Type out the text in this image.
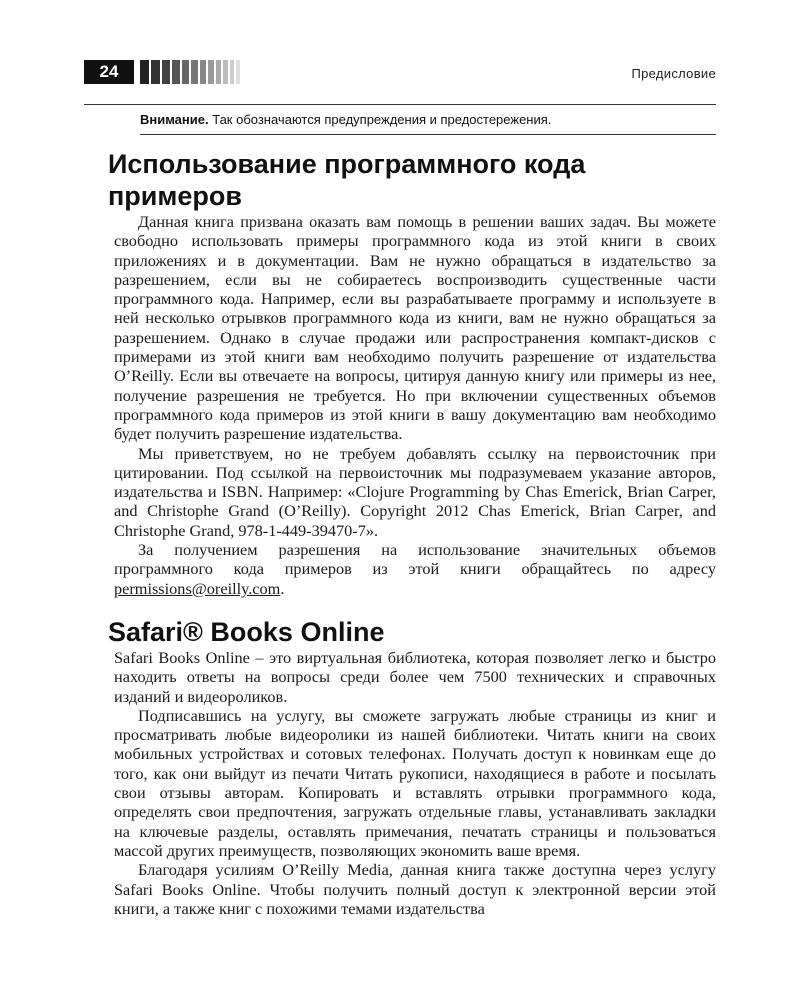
24	Предисловие
Внимание. Так обозначаются предупреждения и предостережения.
Использование программного кода примеров

Данная книга призвана оказать вам помощь в решении ваших задач. Вы можете свободно использовать примеры программного кода из этой книги в своих приложениях и в документации. Вам не нужно обращаться в издательство за разрешением, если вы не собираетесь воспроизводить существенные части программного кода. Например, если вы разрабатываете программу и используете в ней несколько отрывков программного кода из книги, вам не нужно обращаться за разрешением. Однако в случае продажи или распространения компакт-дисков с примерами из этой книги вам необходимо получить разрешение от издательства O’Reilly. Если вы отвечаете на вопросы, цитируя данную книгу или примеры из нее, получение разрешения не требуется. Но при включении существенных объемов программного кода примеров из этой книги в вашу документацию вам необходимо будет получить разрешение издательства.

Мы приветствуем, но не требуем добавлять ссылку на первоисточник при цитировании. Под ссылкой на первоисточник мы подразумеваем указание авторов, издательства и ISBN. Например: «Clojure Programming by Chas Emerick, Brian Carper, and Christophe Grand (O’Reilly). Copyright 2012 Chas Emerick, Brian Carper, and Christophe Grand, 978-1-449-39470-7».

За получением разрешения на использование значительных объемов программного кода примеров из этой книги обращайтесь по адресу permissions@oreilly.com.

Safari® Books Online

Safari Books Online – это виртуальная библиотека, которая позволяет легко и быстро находить ответы на вопросы среди более чем 7500 технических и справочных изданий и видеороликов.

Подписавшись на услугу, вы сможете загружать любые страницы из книг и просматривать любые видеоролики из нашей библиотеки. Читать книги на своих мобильных устройствах и сотовых телефонах. Получать доступ к новинкам еще до того, как они выйдут из печати Читать рукописи, находящиеся в работе и посылать свои отзывы авторам. Копировать и вставлять отрывки программного кода, определять свои предпочтения, загружать отдельные главы, устанавливать закладки на ключевые разделы, оставлять примечания, печатать страницы и пользоваться массой других преимуществ, позволяющих экономить ваше время.

Благодаря усилиям O’Reilly Media, данная книга также доступна через услугу Safari Books Online. Чтобы получить полный доступ к электронной версии этой книги, а также книг с похожими темами издательства
